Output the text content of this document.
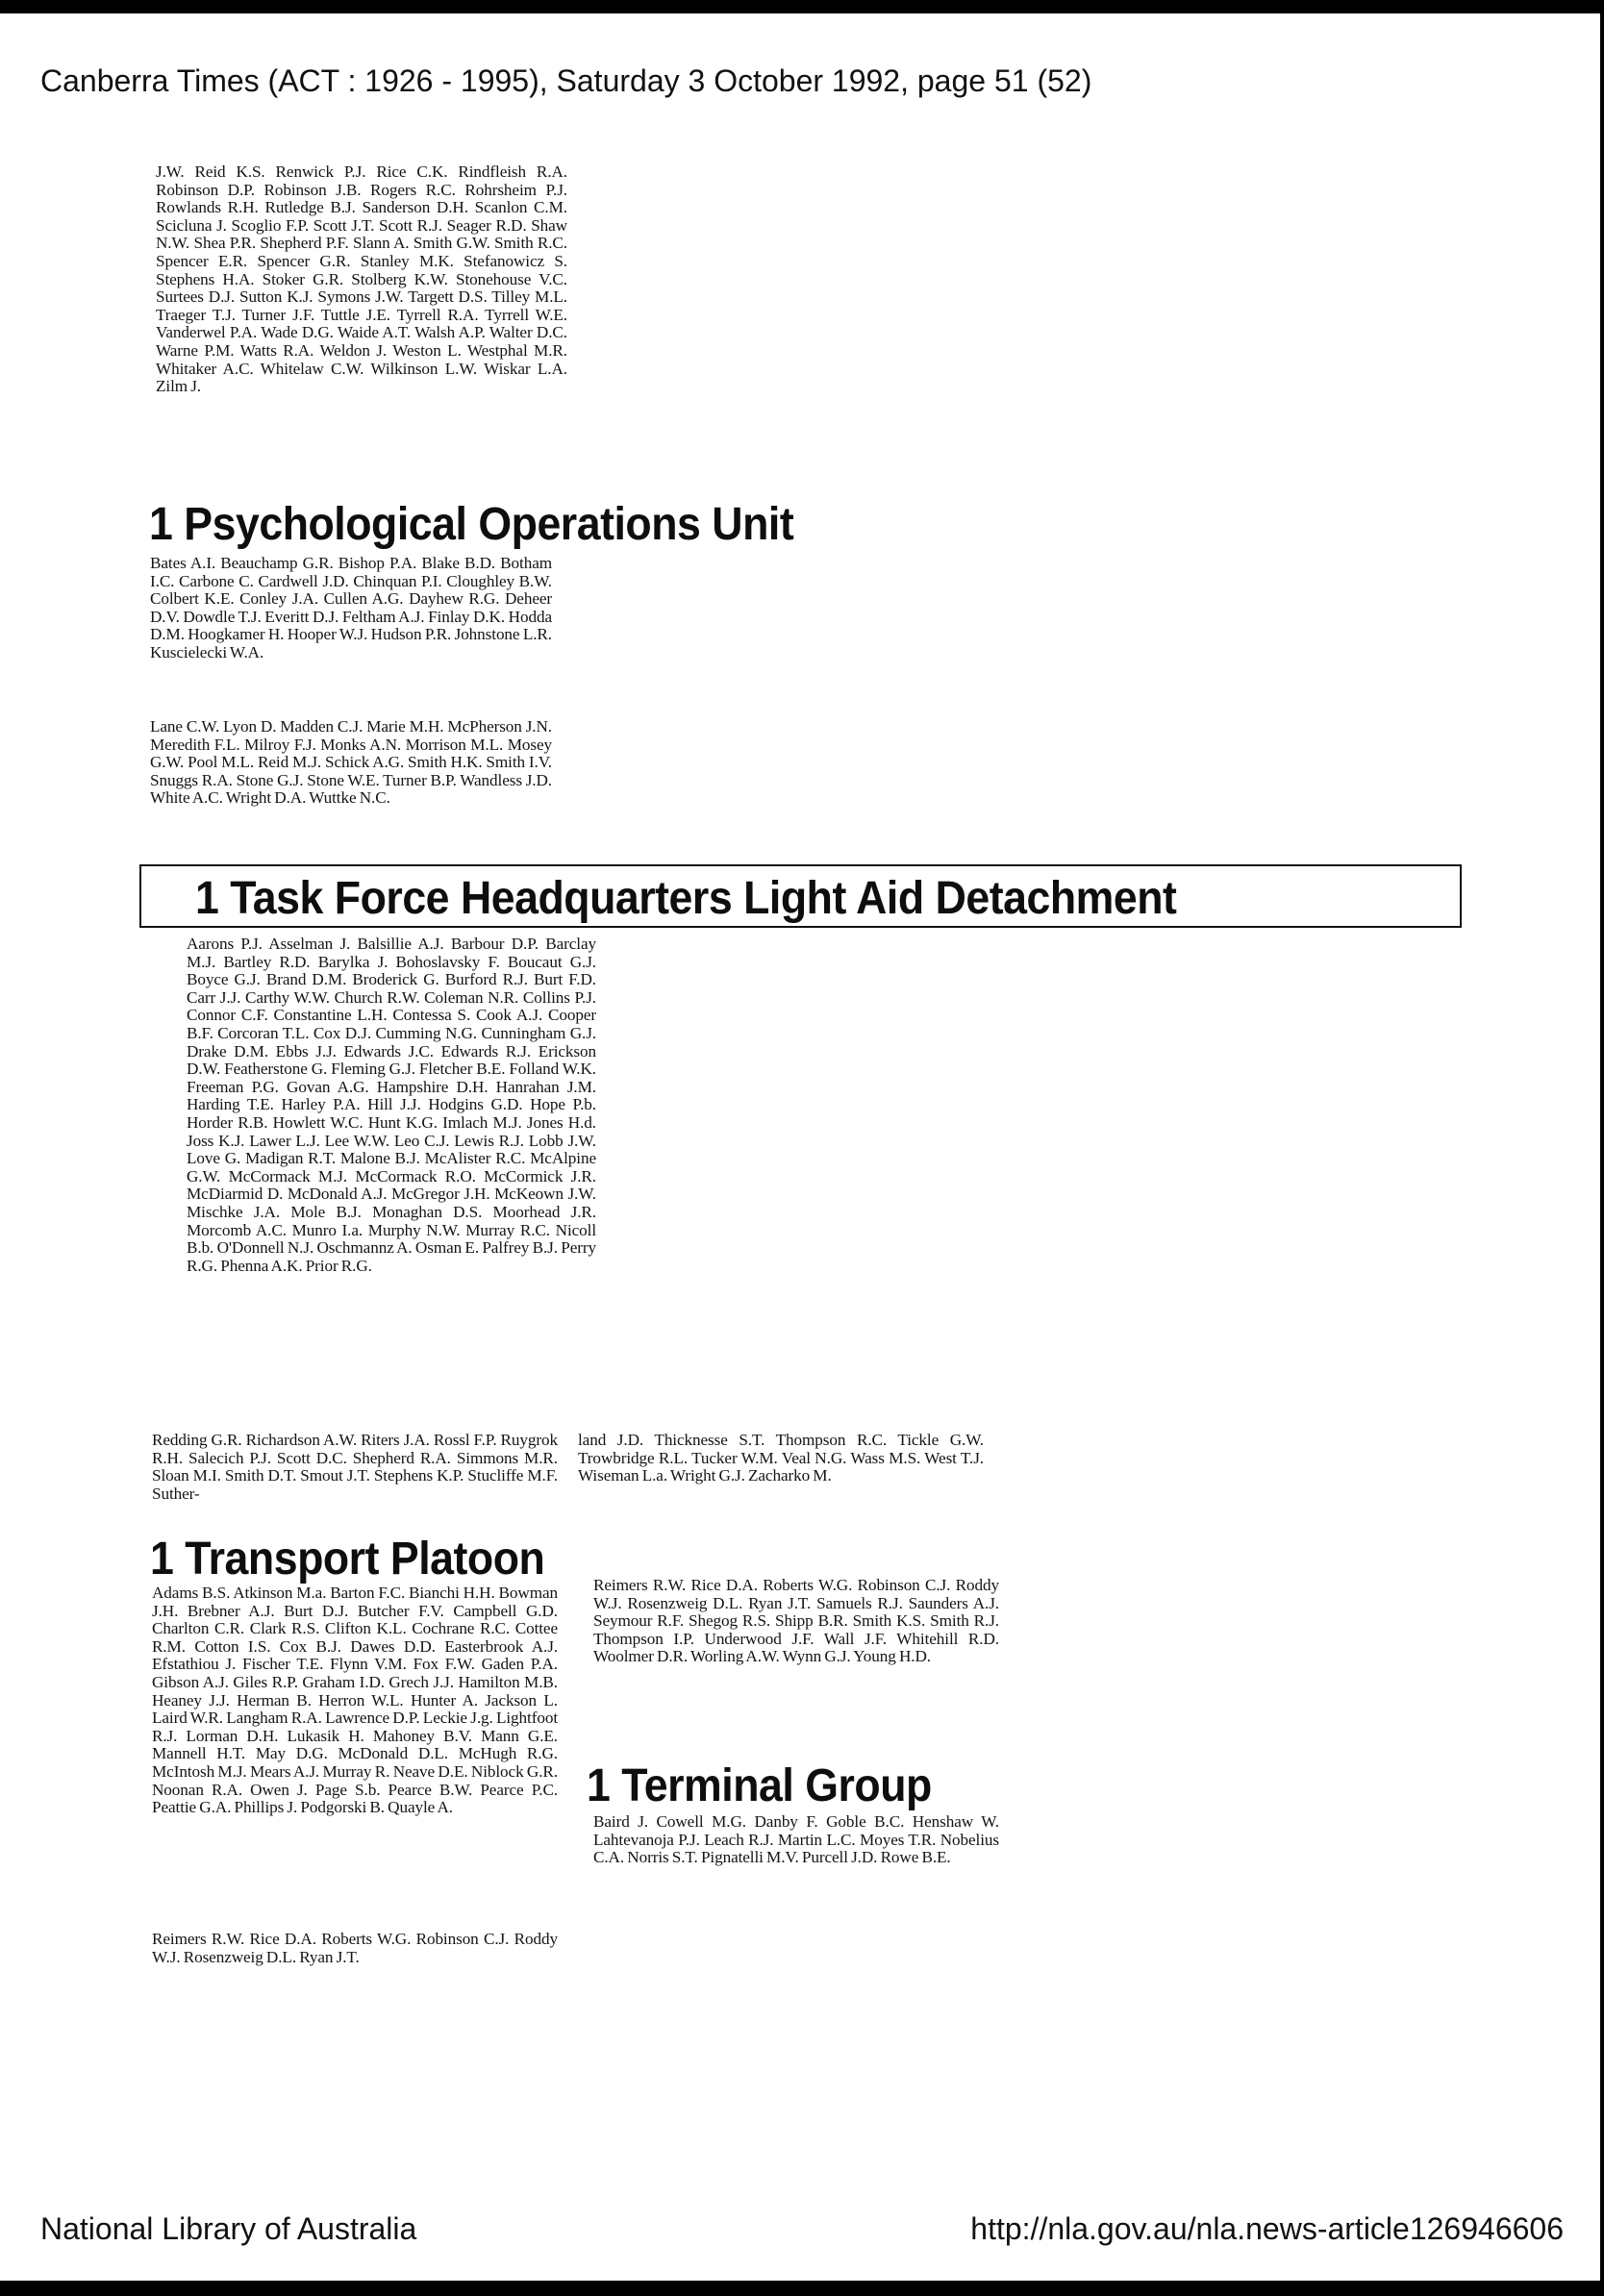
Canberra Times (ACT : 1926 - 1995), Saturday 3 October 1992, page 51 (52)

J.W. Reid K.S. Renwick P.J. Rice C.K. Rindfleish R.A. Robinson D.P. Robinson J.B. Rogers R.C. Rohrsheim P.J. Rowlands R.H. Rutledge B.J. Sanderson D.H. Scanlon C.M. Scicluna J. Scoglio F.P. Scott J.T. Scott R.J. Seager R.D. Shaw N.W. Shea P.R. Shepherd P.F. Slann A. Smith G.W. Smith R.C. Spencer E.R. Spencer G.R. Stanley M.K. Stefanowicz S. Stephens H.A. Stoker G.R. Stolberg K.W. Stonehouse V.C. Surtees D.J. Sutton K.J. Symons J.W. Targett D.S. Tilley M.L. Traeger T.J. Turner J.F. Tuttle J.E. Tyrrell R.A. Tyrrell W.E. Vanderwel P.A. Wade D.G. Waide A.T. Walsh A.P. Walter D.C. Warne P.M. Watts R.A. Weldon J. Weston L. Westphal M.R. Whitaker A.C. Whitelaw C.W. Wilkinson L.W. Wiskar L.A. Zilm J.

1 Psychological Operations Unit

Bates A.I. Beauchamp G.R. Bishop P.A. Blake B.D. Botham I.C. Carbone C. Cardwell J.D. Chinquan P.I. Cloughley B.W. Colbert K.E. Conley J.A. Cullen A.G. Dayhew R.G. Deheer D.V. Dowdle T.J. Everitt D.J. Feltham A.J. Finlay D.K. Hodda D.M. Hoogkamer H. Hooper W.J. Hudson P.R. Johnstone L.R. Kuscielecki W.A.

Lane C.W. Lyon D. Madden C.J. Marie M.H. McPherson J.N. Meredith F.L. Milroy F.J. Monks A.N. Morrison M.L. Mosey G.W. Pool M.L. Reid M.J. Schick A.G. Smith H.K. Smith I.V. Snuggs R.A. Stone G.J. Stone W.E. Turner B.P. Wandless J.D. White A.C. Wright D.A. Wuttke N.C.

1 Task Force Headquarters Light Aid Detachment

Aarons P.J. Asselman J. Balsillie A.J. Barbour D.P. Barclay M.J. Bartley R.D. Barylka J. Bohoslavsky F. Boucaut G.J. Boyce G.J. Brand D.M. Broderick G. Burford R.J. Burt F.D. Carr J.J. Carthy W.W. Church R.W. Coleman N.R. Collins P.J. Connor C.F. Constantine L.H. Contessa S. Cook A.J. Cooper B.F. Corcoran T.L. Cox D.J. Cumming N.G. Cunningham G.J. Drake D.M. Ebbs J.J. Edwards J.C. Edwards R.J. Erickson D.W. Featherstone G. Fleming G.J. Fletcher B.E. Folland W.K. Freeman P.G. Govan A.G. Hampshire D.H. Hanrahan J.M. Harding T.E. Harley P.A. Hill J.J. Hodgins G.D. Hope P.b. Horder R.B. Howlett W.C. Hunt K.G. Imlach M.J. Jones H.d. Joss K.J. Lawer L.J. Lee W.W. Leo C.J. Lewis R.J. Lobb J.W. Love G. Madigan R.T. Malone B.J. McAlister R.C. McAlpine G.W. McCormack M.J. McCormack R.O. McCormick J.R. McDiarmid D. McDonald A.J. McGregor J.H. McKeown J.W. Mischke J.A. Mole B.J. Monaghan D.S. Moorhead J.R. Morcomb A.C. Munro I.a. Murphy N.W. Murray R.C. Nicoll B.b. O'Donnell N.J. Oschmannz A. Osman E. Palfrey B.J. Perry R.G. Phenna A.K. Prior R.G.

Redding G.R. Richardson A.W. Riters J.A. Rossl F.P. Ruygrok R.H. Salecich P.J. Scott D.C. Shepherd R.A. Simmons M.R. Sloan M.I. Smith D.T. Smout J.T. Stephens K.P. Stucliffe M.F. Suther-

land J.D. Thicknesse S.T. Thompson R.C. Tickle G.W. Trowbridge R.L. Tucker W.M. Veal N.G. Wass M.S. West T.J. Wiseman L.a. Wright G.J. Zacharko M.

1 Transport Platoon

Adams B.S. Atkinson M.a. Barton F.C. Bianchi H.H. Bowman J.H. Brebner A.J. Burt D.J. Butcher F.V. Campbell G.D. Charlton C.R. Clark R.S. Clifton K.L. Cochrane R.C. Cottee R.M. Cotton I.S. Cox B.J. Dawes D.D. Easterbrook A.J. Efstathiou J. Fischer T.E. Flynn V.M. Fox F.W. Gaden P.A. Gibson A.J. Giles R.P. Graham I.D. Grech J.J. Hamilton M.B. Heaney J.J. Herman B. Herron W.L. Hunter A. Jackson L. Laird W.R. Langham R.A. Lawrence D.P. Leckie J.g. Lightfoot R.J. Lorman D.H. Lukasik H. Mahoney B.V. Mann G.E. Mannell H.T. May D.G. McDonald D.L. McHugh R.G. McIntosh M.J. Mears A.J. Murray R. Neave D.E. Niblock G.R. Noonan R.A. Owen J. Page S.b. Pearce B.W. Pearce P.C. Peattie G.A. Phillips J. Podgorski B. Quayle A.

Reimers R.W. Rice D.A. Roberts W.G. Robinson C.J. Roddy W.J. Rosenzweig D.L. Ryan J.T.

Reimers R.W. Rice D.A. Roberts W.G. Robinson C.J. Roddy W.J. Rosenzweig D.L. Ryan J.T. Samuels R.J. Saunders A.J. Seymour R.F. Shegog R.S. Shipp B.R. Smith K.S. Smith R.J. Thompson I.P. Underwood J.F. Wall J.F. Whitehill R.D. Woolmer D.R. Worling A.W. Wynn G.J. Young H.D.

1 Terminal Group

Baird J. Cowell M.G. Danby F. Goble B.C. Henshaw W. Lahtevanoja P.J. Leach R.J. Martin L.C. Moyes T.R. Nobelius C.A. Norris S.T. Pignatelli M.V. Purcell J.D. Rowe B.E.

National Library of Australia	http://nla.gov.au/nla.news-article126946606
